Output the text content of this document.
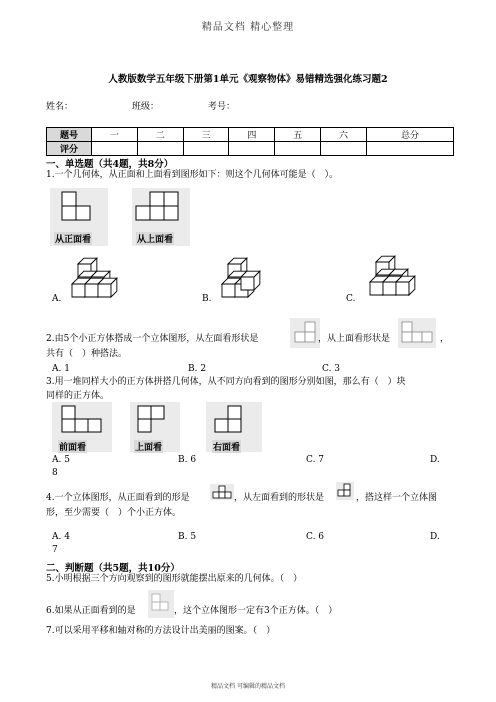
精品文档 精心整理
人教版数学五年级下册第1单元《观察物体》易错精选强化练习题2
姓名：	班级：	考号：
题号	一	二	三	四	五	六	总分
评分							
一、单选题（共4题，共8分）
1.一个几何体，从正面和上面看到图形如下：则这个几何体可能是（　）。
从正面看	从上面看
A.	B.	C.
2.由5个小正方体搭成一个立体图形，从左面看形状是	，从上面看形状是	，
共有（　）种搭法。
A. 1	B. 2	C. 3
3.用一堆同样大小的正方体拼搭几何体，从不同方向看到的图形分别如图，那么有（　）块
同样的正方体。
前面看	上面看	右面看
A. 5	B. 6	C. 7	D.
8
4.一个立体图形，从正面看到的形是	，从左面看到的形状是	，搭这样一个立体图
形，至少需要（　）个小正方体。
A. 4	B. 5	C. 6	D.
7
二、判断题（共5题，共10分）
5.小明根据三个方向观察到的图形就能摆出原来的几何体。（　）
6.如果从正面看到的是	，这个立体图形一定有3个正方体。（　）
7.可以采用平移和轴对称的方法设计出美丽的图案。（　）
精品文档 可编辑的精品文档
